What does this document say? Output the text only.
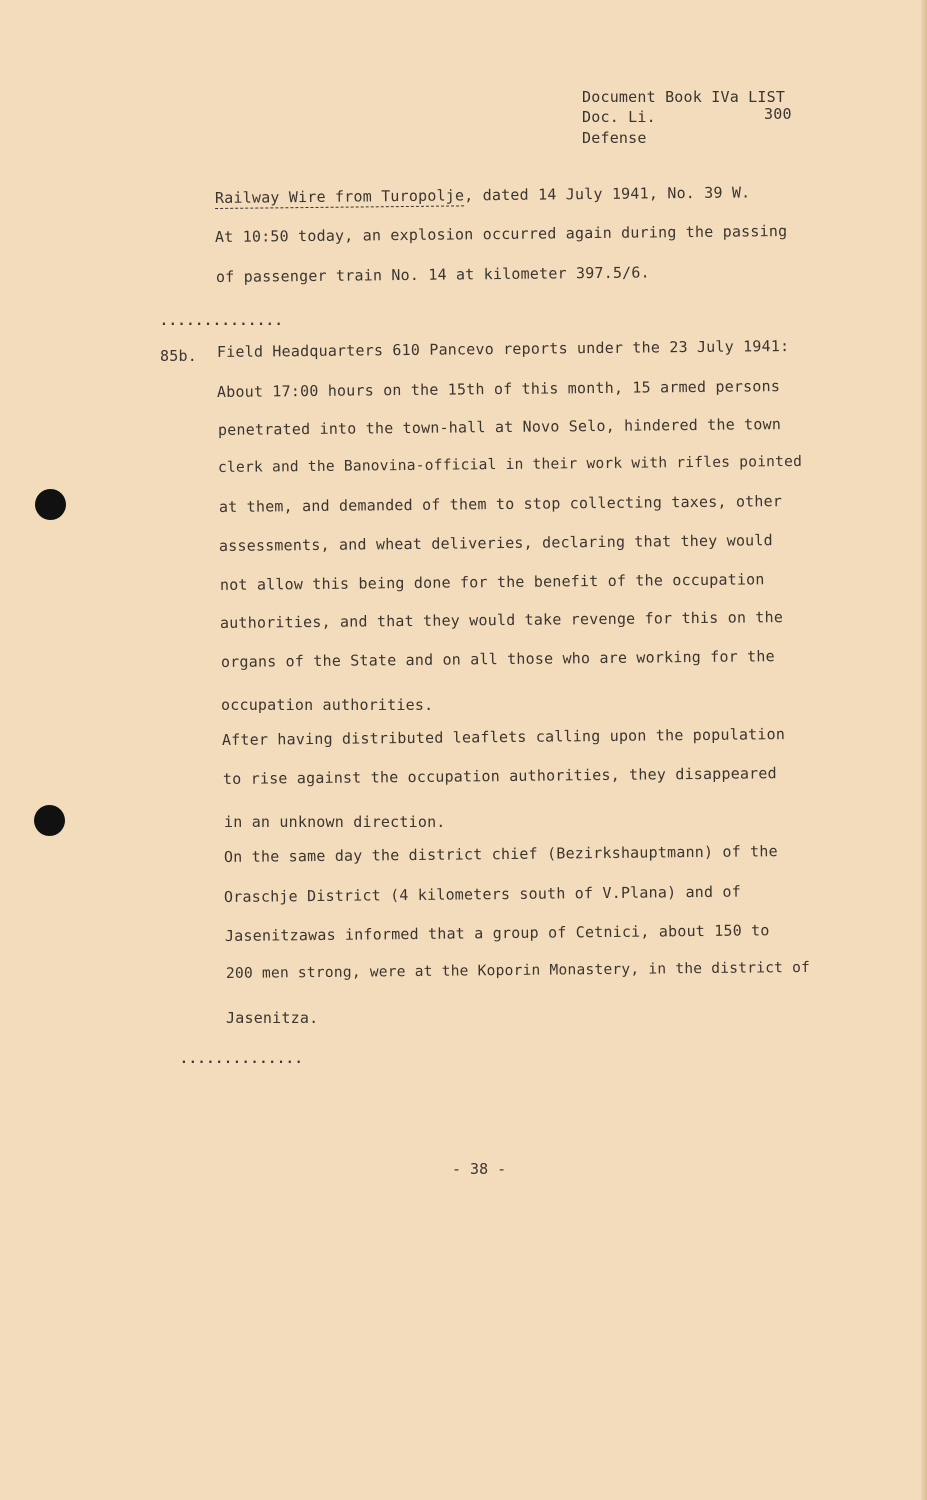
Document Book IVa LIST
Doc. Li.	300
Defense
Railway Wire from Turopolje, dated 14 July 1941, No. 39 W.
At 10:50 today, an explosion occurred again during the passing
of passenger train No. 14 at kilometer 397.5/6.
..............
85b. Field Headquarters 610 Pancevo reports under the 23 July 1941:
About 17:00 hours on the 15th of this month, 15 armed persons
penetrated into the town-hall at Novo Selo, hindered the town
clerk and the Banovina-official in their work with rifles pointed
at them, and demanded of them to stop collecting taxes, other
assessments, and wheat deliveries, declaring that they would
not allow this being done for the benefit of the occupation
authorities, and that they would take revenge for this on the
organs of the State and on all those who are working for the
occupation authorities.
After having distributed leaflets calling upon the population
to rise against the occupation authorities, they disappeared
in an unknown direction.
On the same day the district chief (Bezirkshauptmann) of the
Oraschje District (4 kilometers south of V.Plana) and of
Jasenitzawas informed that a group of Cetnici, about 150 to
200 men strong, were at the Koporin Monastery, in the district of
Jasenitza.
..............
- 38 -
